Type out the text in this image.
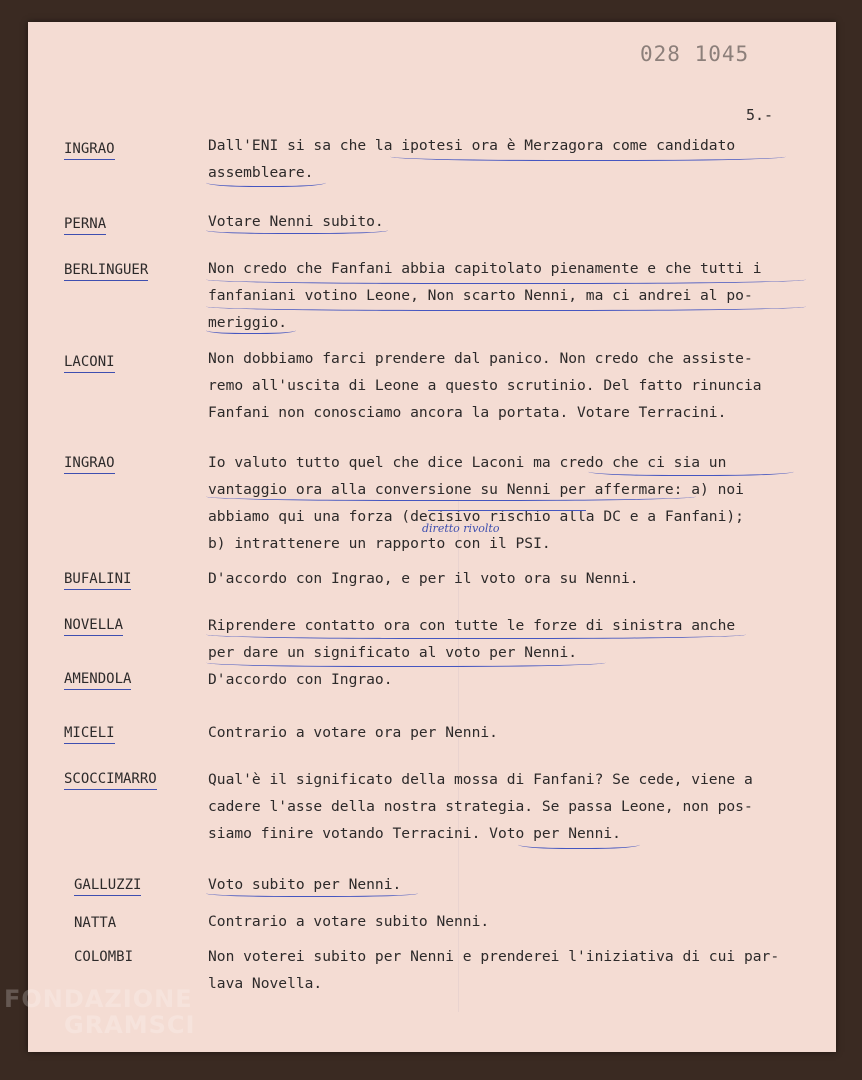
028 1045
5.-
INGRAO	Dall'ENI si sa che la ipotesi ora è Merzagora come candidato
assembleare.
PERNA	Votare Nenni subito.
BERLINGUER	Non credo che Fanfani abbia capitolato pienamente e che tutti i
fanfaniani votino Leone, Non scarto Nenni, ma ci andrei al po-
meriggio.
LACONI	Non dobbiamo farci prendere dal panico. Non credo che assiste-
remo all'uscita di Leone a questo scrutinio. Del fatto rinuncia
Fanfani non conosciamo ancora la portata. Votare Terracini.
INGRAO	Io valuto tutto quel che dice Laconi ma credo che ci sia un
vantaggio ora alla conversione su Nenni per affermare: a) noi
abbiamo qui una forza (decisivo rischio alla DC e a Fanfani);
b) intrattenere un rapporto con il PSI.
diretto rivolto
BUFALINI	D'accordo con Ingrao, e per il voto ora su Nenni.
NOVELLA	Riprendere contatto ora con tutte le forze di sinistra anche
per dare un significato al voto per Nenni.
AMENDOLA	D'accordo con Ingrao.
MICELI	Contrario a votare ora per Nenni.
SCOCCIMARRO	Qual'è il significato della mossa di Fanfani? Se cede, viene a
cadere l'asse della nostra strategia. Se passa Leone, non pos-
siamo finire votando Terracini. Voto per Nenni.
GALLUZZI	Voto subito per Nenni.
NATTA	Contrario a votare subito Nenni.
COLOMBI	Non voterei subito per Nenni e prenderei l'iniziativa di cui par-
lava Novella.
FONDAZIONE
GRAMSCI
